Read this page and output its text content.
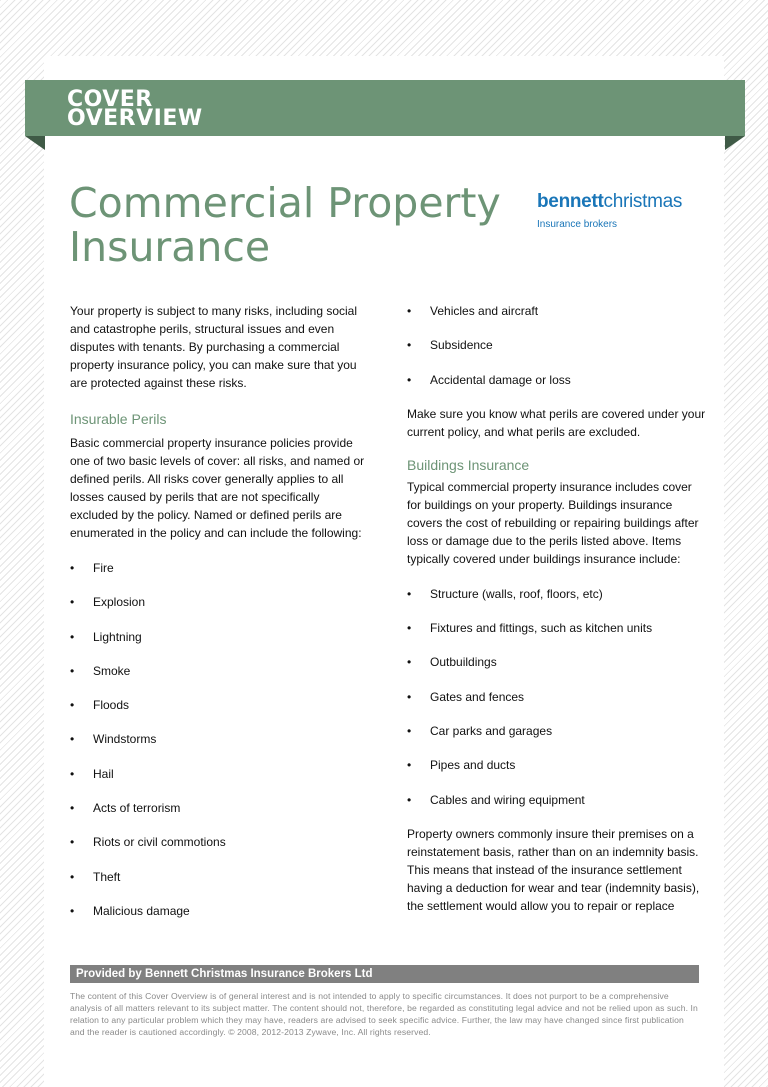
COVER
OVERVIEW
Commercial Property
Insurance
bennettchristmas
Insurance brokers

Your property is subject to many risks, including social and catastrophe perils, structural issues and even disputes with tenants. By purchasing a commercial property insurance policy, you can make sure that you are protected against these risks.

Insurable Perils

Basic commercial property insurance policies provide one of two basic levels of cover: all risks, and named or defined perils. All risks cover generally applies to all losses caused by perils that are not specifically excluded by the policy. Named or defined perils are enumerated in the policy and can include the following:

• Fire
• Explosion
• Lightning
• Smoke
• Floods
• Windstorms
• Hail
• Acts of terrorism
• Riots or civil commotions
• Theft
• Malicious damage
• Vehicles and aircraft
• Subsidence
• Accidental damage or loss

Make sure you know what perils are covered under your current policy, and what perils are excluded.

Buildings Insurance

Typical commercial property insurance includes cover for buildings on your property. Buildings insurance covers the cost of rebuilding or repairing buildings after loss or damage due to the perils listed above. Items typically covered under buildings insurance include:

• Structure (walls, roof, floors, etc)
• Fixtures and fittings, such as kitchen units
• Outbuildings
• Gates and fences
• Car parks and garages
• Pipes and ducts
• Cables and wiring equipment

Property owners commonly insure their premises on a reinstatement basis, rather than on an indemnity basis. This means that instead of the insurance settlement having a deduction for wear and tear (indemnity basis), the settlement would allow you to repair or replace

Provided by Bennett Christmas Insurance Brokers Ltd
The content of this Cover Overview is of general interest and is not intended to apply to specific circumstances. It does not purport to be a comprehensive analysis of all matters relevant to its subject matter. The content should not, therefore, be regarded as constituting legal advice and not be relied upon as such. In relation to any particular problem which they may have, readers are advised to seek specific advice. Further, the law may have changed since first publication and the reader is cautioned accordingly. © 2008, 2012-2013 Zywave, Inc. All rights reserved.
